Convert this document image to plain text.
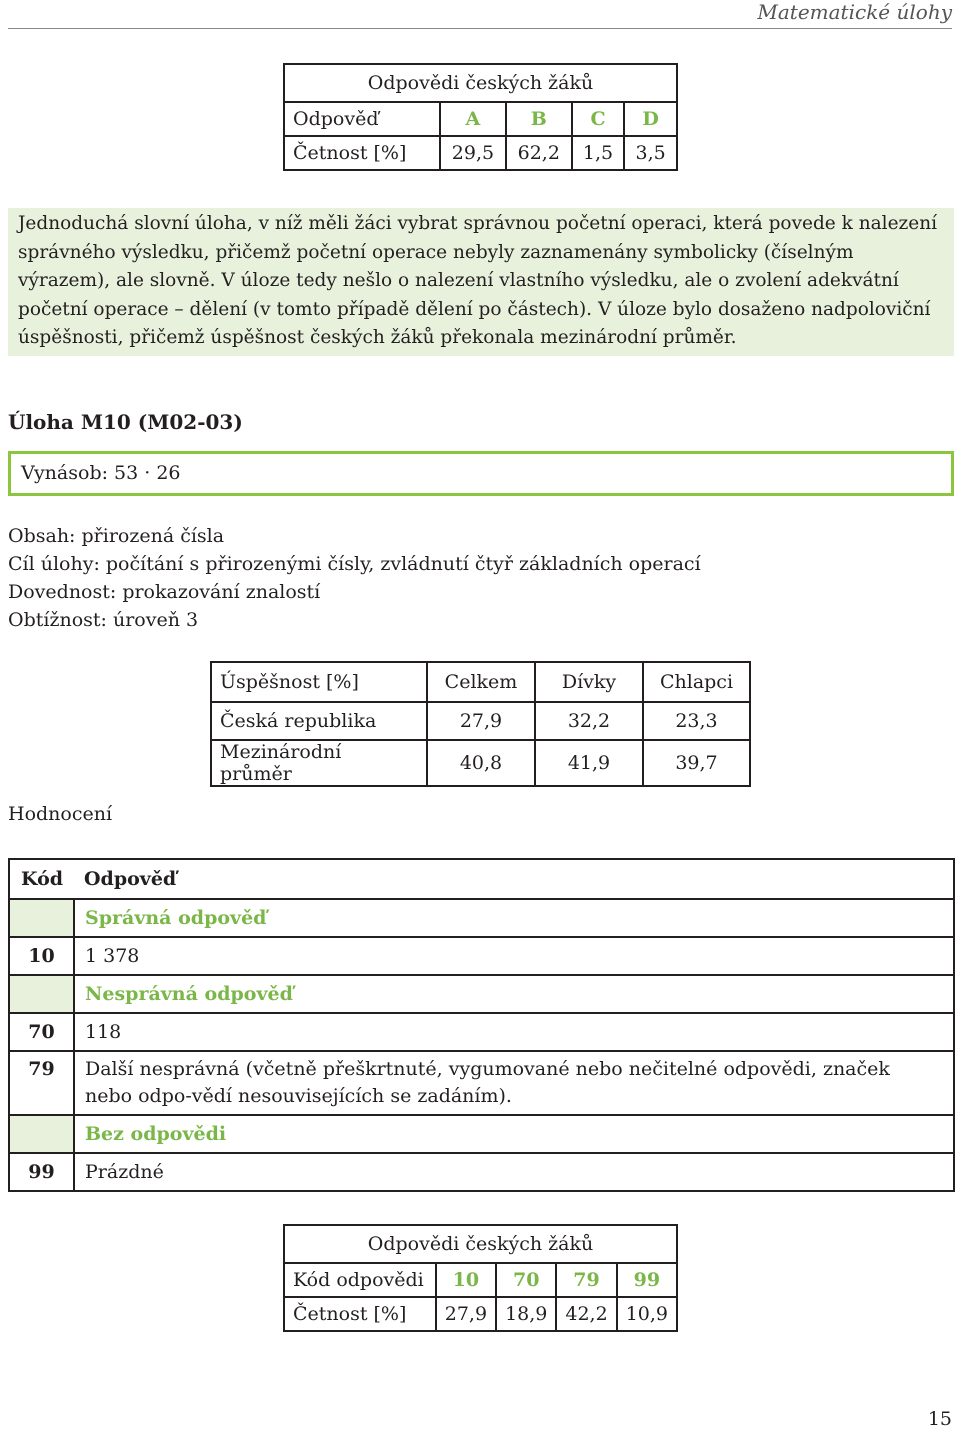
Matematické úlohy
Odpovědi českých žáků				
Odpověď	A	B	C	D
Četnost [%]	29,5	62,2	1,5	3,5
Jednoduchá slovní úloha, v níž měli žáci vybrat správnou početní operaci, která povede k nalezení správného výsledku, přičemž početní operace nebyly zaznamenány symbolicky (číselným výrazem), ale slovně. V úloze tedy nešlo o nalezení vlastního výsledku, ale o zvolení adekvátní početní operace – dělení (v tomto případě dělení po částech). V úloze bylo dosaženo nadpoloviční úspěšnosti, přičemž úspěšnost českých žáků překonala mezinárodní průměr.
Úloha M10 (M02-03)
Vynásob: 53 · 26
Obsah: přirozená čísla
Cíl úlohy: počítání s přirozenými čísly, zvládnutí čtyř základních operací
Dovednost: prokazování znalostí
Obtížnost: úroveň 3
Úspěšnost [%]	Celkem	Dívky	Chlapci
Česká republika	27,9	32,2	23,3
Mezinárodní průměr	40,8	41,9	39,7
Hodnocení
Kód	Odpověď
	Správná odpověď
10	1 378
	Nesprávná odpověď
70	118
79	Další nesprávná (včetně přeškrtnuté, vygumované nebo nečitelné odpovědi, značek nebo odpo-vědí nesouvisejících se zadáním).
	Bez odpovědi
99	Prázdné
Odpovědi českých žáků				
Kód odpovědi	10	70	79	99
Četnost [%]	27,9	18,9	42,2	10,9
15
